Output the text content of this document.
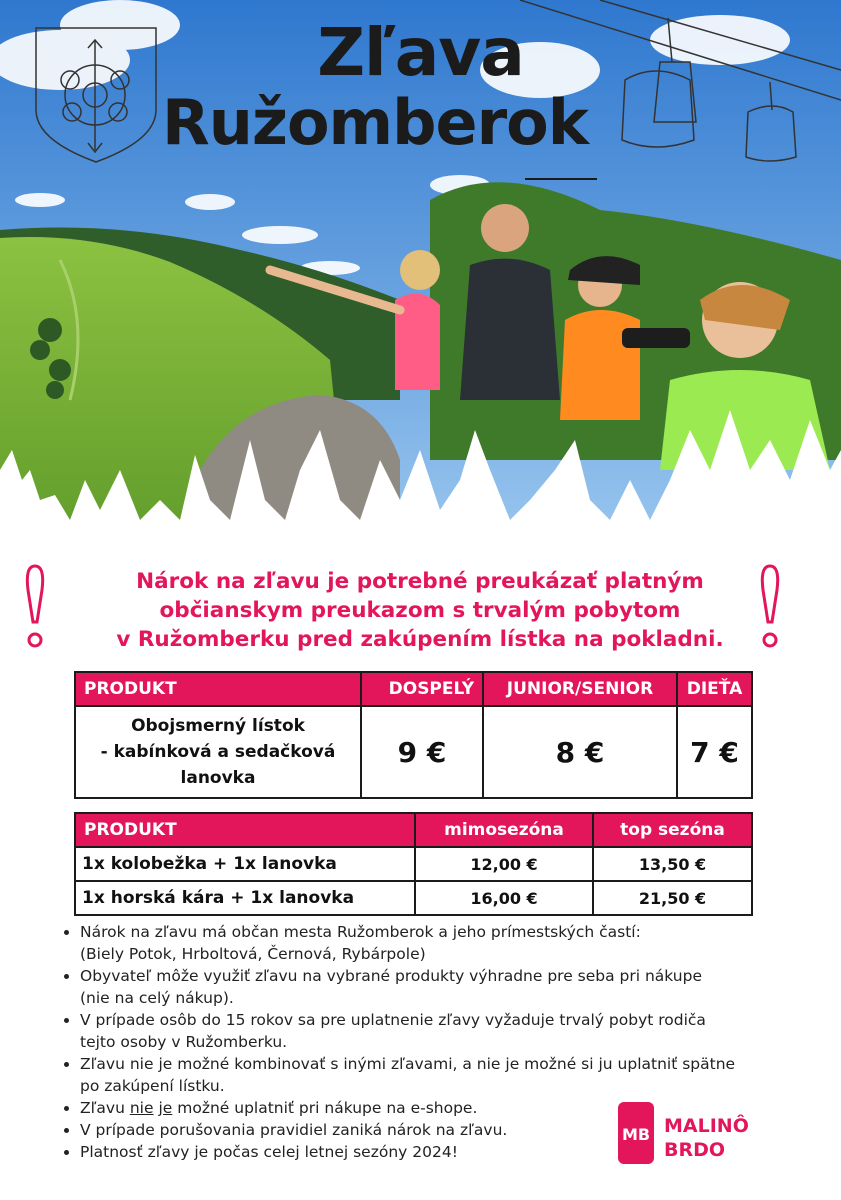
Zľava
Ružomberok
Nárok na zľavu je potrebné preukázať platným
občianskym preukazom s trvalým pobytom
v Ružomberku pred zakúpením lístka na pokladni.
PRODUKT	DOSPELÝ	JUNIOR/SENIOR	DIEŤA

Obojsmerný lístok
- kabínková a sedačková
lanovka	9 €	8 €	7 €
PRODUKT	mimosezóna	top sezóna
1x kolobežka + 1x lanovka	12,00 €	13,50 €
1x horská kára + 1x lanovka	16,00 €	21,50 €
• Nárok na zľavu má občan mesta Ružomberok a jeho prímestských častí:
(Biely Potok, Hrboltová, Černová, Rybárpole)
• Obyvateľ môže využiť zľavu na vybrané produkty výhradne pre seba pri nákupe
(nie na celý nákup).
• V prípade osôb do 15 rokov sa pre uplatnenie zľavy vyžaduje trvalý pobyt rodiča
tejto osoby v Ružomberku.
• Zľavu nie je možné kombinovať s inými zľavami, a nie je možné si ju uplatniť spätne
po zakúpení lístku.
• Zľavu nie je možné uplatniť pri nákupe na e-shope.
• V prípade porušovania pravidiel zaniká nárok na zľavu.
• Platnosť zľavy je počas celej letnej sezóny 2024!
MB MALINÔ
BRDO
